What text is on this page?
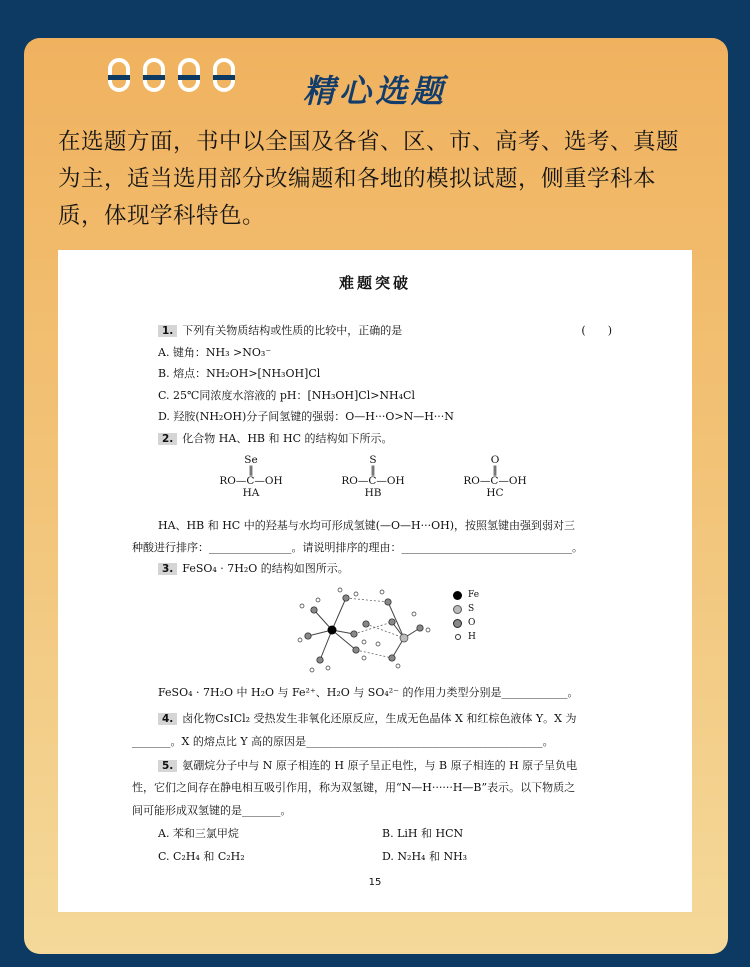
精心选题
在选题方面，书中以全国及各省、区、市、高考、选考、真题为主，适当选用部分改编题和各地的模拟试题，侧重学科本质，体现学科特色。
难题突破
1. 下列有关物质结构或性质的比较中，正确的是	(　　)
A. 键角：NH₃ >NO₃⁻
B. 熔点：NH₂OH>[NH₃OH]Cl
C. 25℃同浓度水溶液的 pH：[NH₃OH]Cl>NH₄Cl
D. 羟胺(NH₂OH)分子间氢键的强弱：O—H···O>N—H···N
2. 化合物 HA、HB 和 HC 的结构如下所示。
Se
‖
RO—C—OH
HA
S
‖
RO—C—OH
HB
O
‖
RO—C—OH
HC
HA、HB 和 HC 中的羟基与水均可形成氢键(—O—H···OH)，按照氢键由强到弱对三
种酸进行排序：_______________。请说明排序的理由：_______________________________。
3. FeSO₄ · 7H₂O 的结构如图所示。
Fe
S
O
H
FeSO₄ · 7H₂O 中 H₂O 与 Fe²⁺、H₂O 与 SO₄²⁻ 的作用力类型分别是____________。
4. 卤化物CsICl₂ 受热发生非氧化还原反应，生成无色晶体 X 和红棕色液体 Y。X 为
_______。X 的熔点比 Y 高的原因是___________________________________________。
5. 氨硼烷分子中与 N 原子相连的 H 原子呈正电性，与 B 原子相连的 H 原子呈负电
性，它们之间存在静电相互吸引作用，称为双氢键，用“N—H······H—B”表示。以下物质之
间可能形成双氢键的是_______。
A. 苯和三氯甲烷	B. LiH 和 HCN
C. C₂H₄ 和 C₂H₂	D. N₂H₄ 和 NH₃
15
